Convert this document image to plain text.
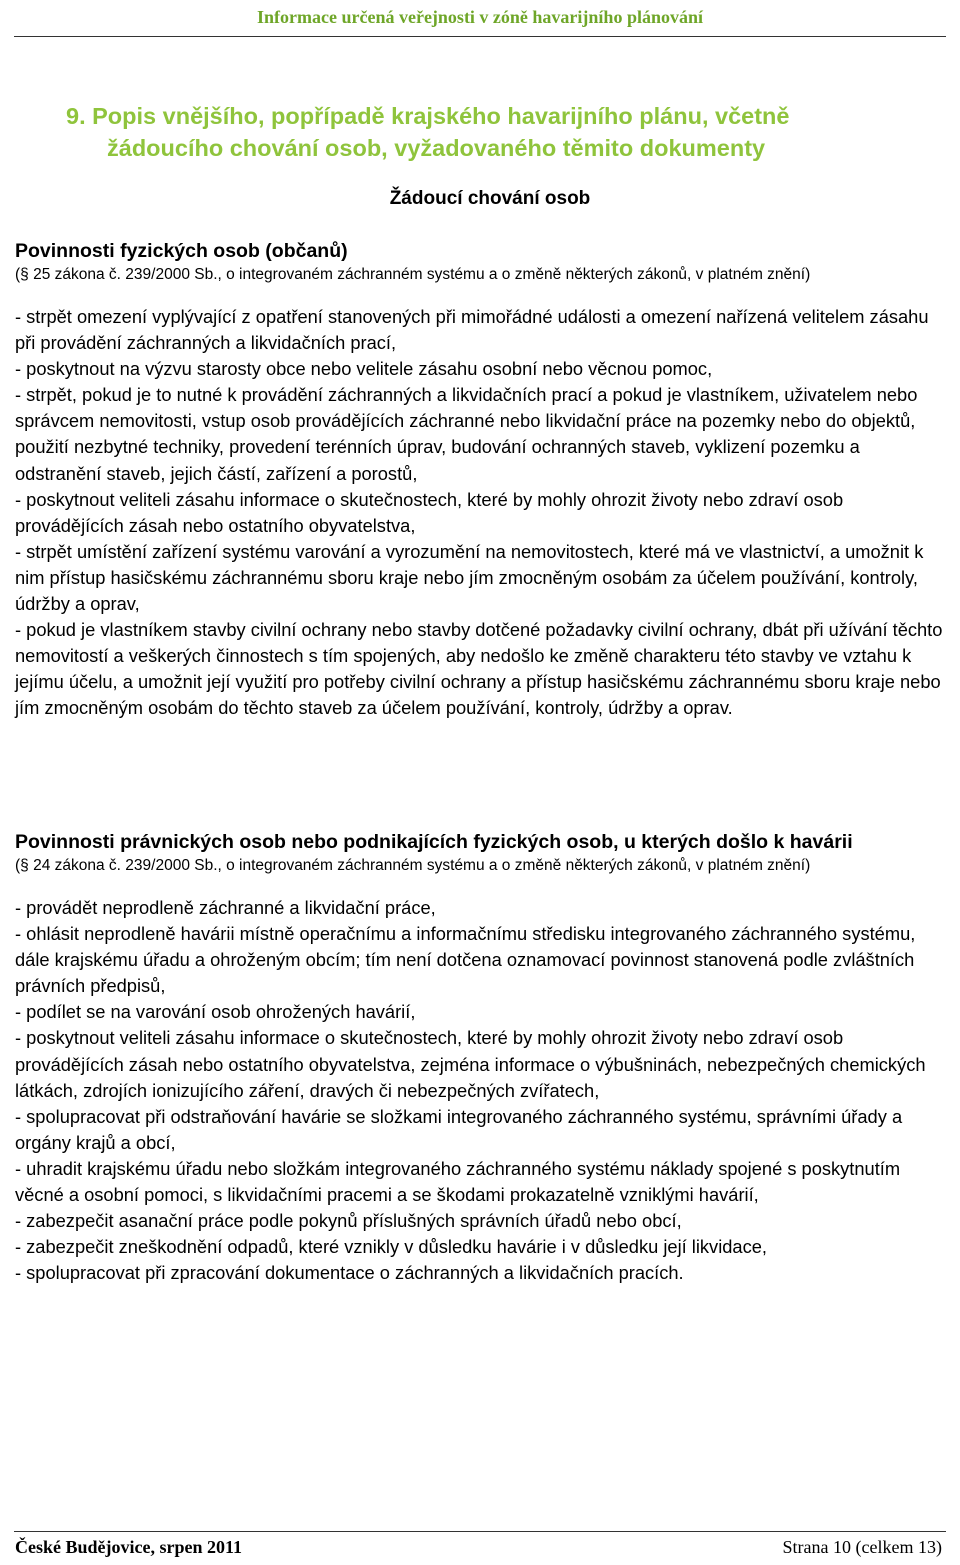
Informace určená veřejnosti v zóně havarijního plánování
9. Popis vnějšího, popřípadě krajského havarijního plánu, včetně
žádoucího chování osob, vyžadovaného těmito dokumenty
Žádoucí chování osob
Povinnosti fyzických osob (občanů)
(§ 25 zákona č. 239/2000 Sb., o integrovaném záchranném systému a o změně některých zákonů, v platném znění)
- strpět omezení vyplývající z opatření stanovených při mimořádné události a omezení nařízená velitelem zásahu při provádění záchranných a likvidačních prací,
- poskytnout na výzvu starosty obce nebo velitele zásahu osobní nebo věcnou pomoc,
- strpět, pokud je to nutné k provádění záchranných a likvidačních prací a pokud je vlastníkem, uživatelem nebo správcem nemovitosti, vstup osob provádějících záchranné nebo likvidační práce na pozemky nebo do objektů, použití nezbytné techniky, provedení terénních úprav, budování ochranných staveb, vyklizení pozemku a odstranění staveb, jejich částí, zařízení a porostů,
- poskytnout veliteli zásahu informace o skutečnostech, které by mohly ohrozit životy nebo zdraví osob provádějících zásah nebo ostatního obyvatelstva,
- strpět umístění zařízení systému varování a vyrozumění na nemovitostech, které má ve vlastnictví, a umožnit k nim přístup hasičskému záchrannému sboru kraje nebo jím zmocněným osobám za účelem používání, kontroly, údržby a oprav,
- pokud je vlastníkem stavby civilní ochrany nebo stavby dotčené požadavky civilní ochrany, dbát při užívání těchto nemovitostí a veškerých činnostech s tím spojených, aby nedošlo ke změně charakteru této stavby ve vztahu k jejímu účelu, a umožnit její využití pro potřeby civilní ochrany a přístup hasičskému záchrannému sboru kraje nebo jím zmocněným osobám do těchto staveb za účelem používání, kontroly, údržby a oprav.
Povinnosti právnických osob nebo podnikajících fyzických osob, u kterých došlo k havárii
(§ 24 zákona č. 239/2000 Sb., o integrovaném záchranném systému a o změně některých zákonů, v platném znění)
- provádět neprodleně záchranné a likvidační práce,
- ohlásit neprodleně havárii místně operačnímu a informačnímu středisku integrovaného záchranného systému, dále krajskému úřadu a ohroženým obcím; tím není dotčena oznamovací povinnost stanovená podle zvláštních právních předpisů,
- podílet se na varování osob ohrožených havárií,
- poskytnout veliteli zásahu informace o skutečnostech, které by mohly ohrozit životy nebo zdraví osob provádějících zásah nebo ostatního obyvatelstva, zejména informace o výbušninách, nebezpečných chemických látkách, zdrojích ionizujícího záření, dravých či nebezpečných zvířatech,
- spolupracovat při odstraňování havárie se složkami integrovaného záchranného systému, správními úřady a orgány krajů a obcí,
- uhradit krajskému úřadu nebo složkám integrovaného záchranného systému náklady spojené s poskytnutím věcné a osobní pomoci, s likvidačními pracemi a se škodami prokazatelně vzniklými havárií,
- zabezpečit asanační práce podle pokynů příslušných správních úřadů nebo obcí,
- zabezpečit zneškodnění odpadů, které vznikly v důsledku havárie i v důsledku její likvidace,
- spolupracovat při zpracování dokumentace o záchranných a likvidačních pracích.
České Budějovice, srpen 2011	Strana 10 (celkem 13)
